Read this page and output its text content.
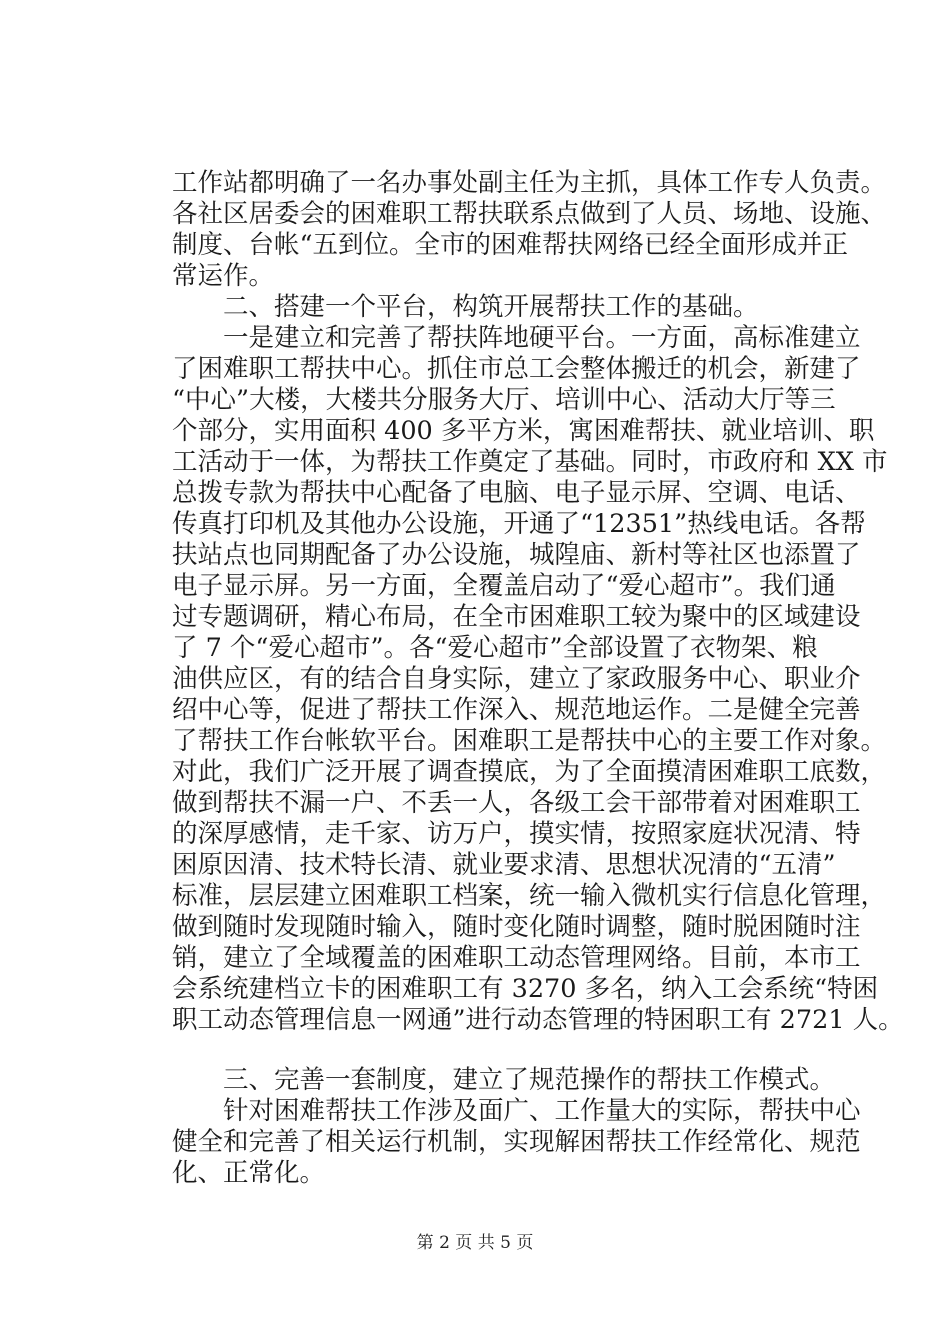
工作站都明确了一名办事处副主任为主抓，具体工作专人负责。
各社区居委会的困难职工帮扶联系点做到了人员、场地、设施、
制度、台帐“五到位。全市的困难帮扶网络已经全面形成并正
常运作。
　　二、搭建一个平台，构筑开展帮扶工作的基础。
　　一是建立和完善了帮扶阵地硬平台。一方面，高标准建立
了困难职工帮扶中心。抓住市总工会整体搬迁的机会，新建了
“中心”大楼，大楼共分服务大厅、培训中心、活动大厅等三
个部分，实用面积 400 多平方米，寓困难帮扶、就业培训、职
工活动于一体，为帮扶工作奠定了基础。同时，市政府和 XX 市
总拨专款为帮扶中心配备了电脑、电子显示屏、空调、电话、
传真打印机及其他办公设施，开通了“12351”热线电话。各帮
扶站点也同期配备了办公设施，城隍庙、新村等社区也添置了
电子显示屏。另一方面，全覆盖启动了“爱心超市”。我们通
过专题调研，精心布局，在全市困难职工较为聚中的区域建设
了 7 个“爱心超市”。各“爱心超市”全部设置了衣物架、粮
油供应区，有的结合自身实际，建立了家政服务中心、职业介
绍中心等，促进了帮扶工作深入、规范地运作。二是健全完善
了帮扶工作台帐软平台。困难职工是帮扶中心的主要工作对象。
对此，我们广泛开展了调查摸底，为了全面摸清困难职工底数，
做到帮扶不漏一户、不丢一人，各级工会干部带着对困难职工
的深厚感情，走千家、访万户，摸实情，按照家庭状况清、特
困原因清、技术特长清、就业要求清、思想状况清的“五清”
标准，层层建立困难职工档案，统一输入微机实行信息化管理，
做到随时发现随时输入，随时变化随时调整，随时脱困随时注
销，建立了全域覆盖的困难职工动态管理网络。目前，本市工
会系统建档立卡的困难职工有 3270 多名，纳入工会系统“特困
职工动态管理信息一网通”进行动态管理的特困职工有 2721 人。
　　三、完善一套制度，建立了规范操作的帮扶工作模式。
　　针对困难帮扶工作涉及面广、工作量大的实际，帮扶中心
健全和完善了相关运行机制，实现解困帮扶工作经常化、规范
化、正常化。
第 2 页 共 5 页
